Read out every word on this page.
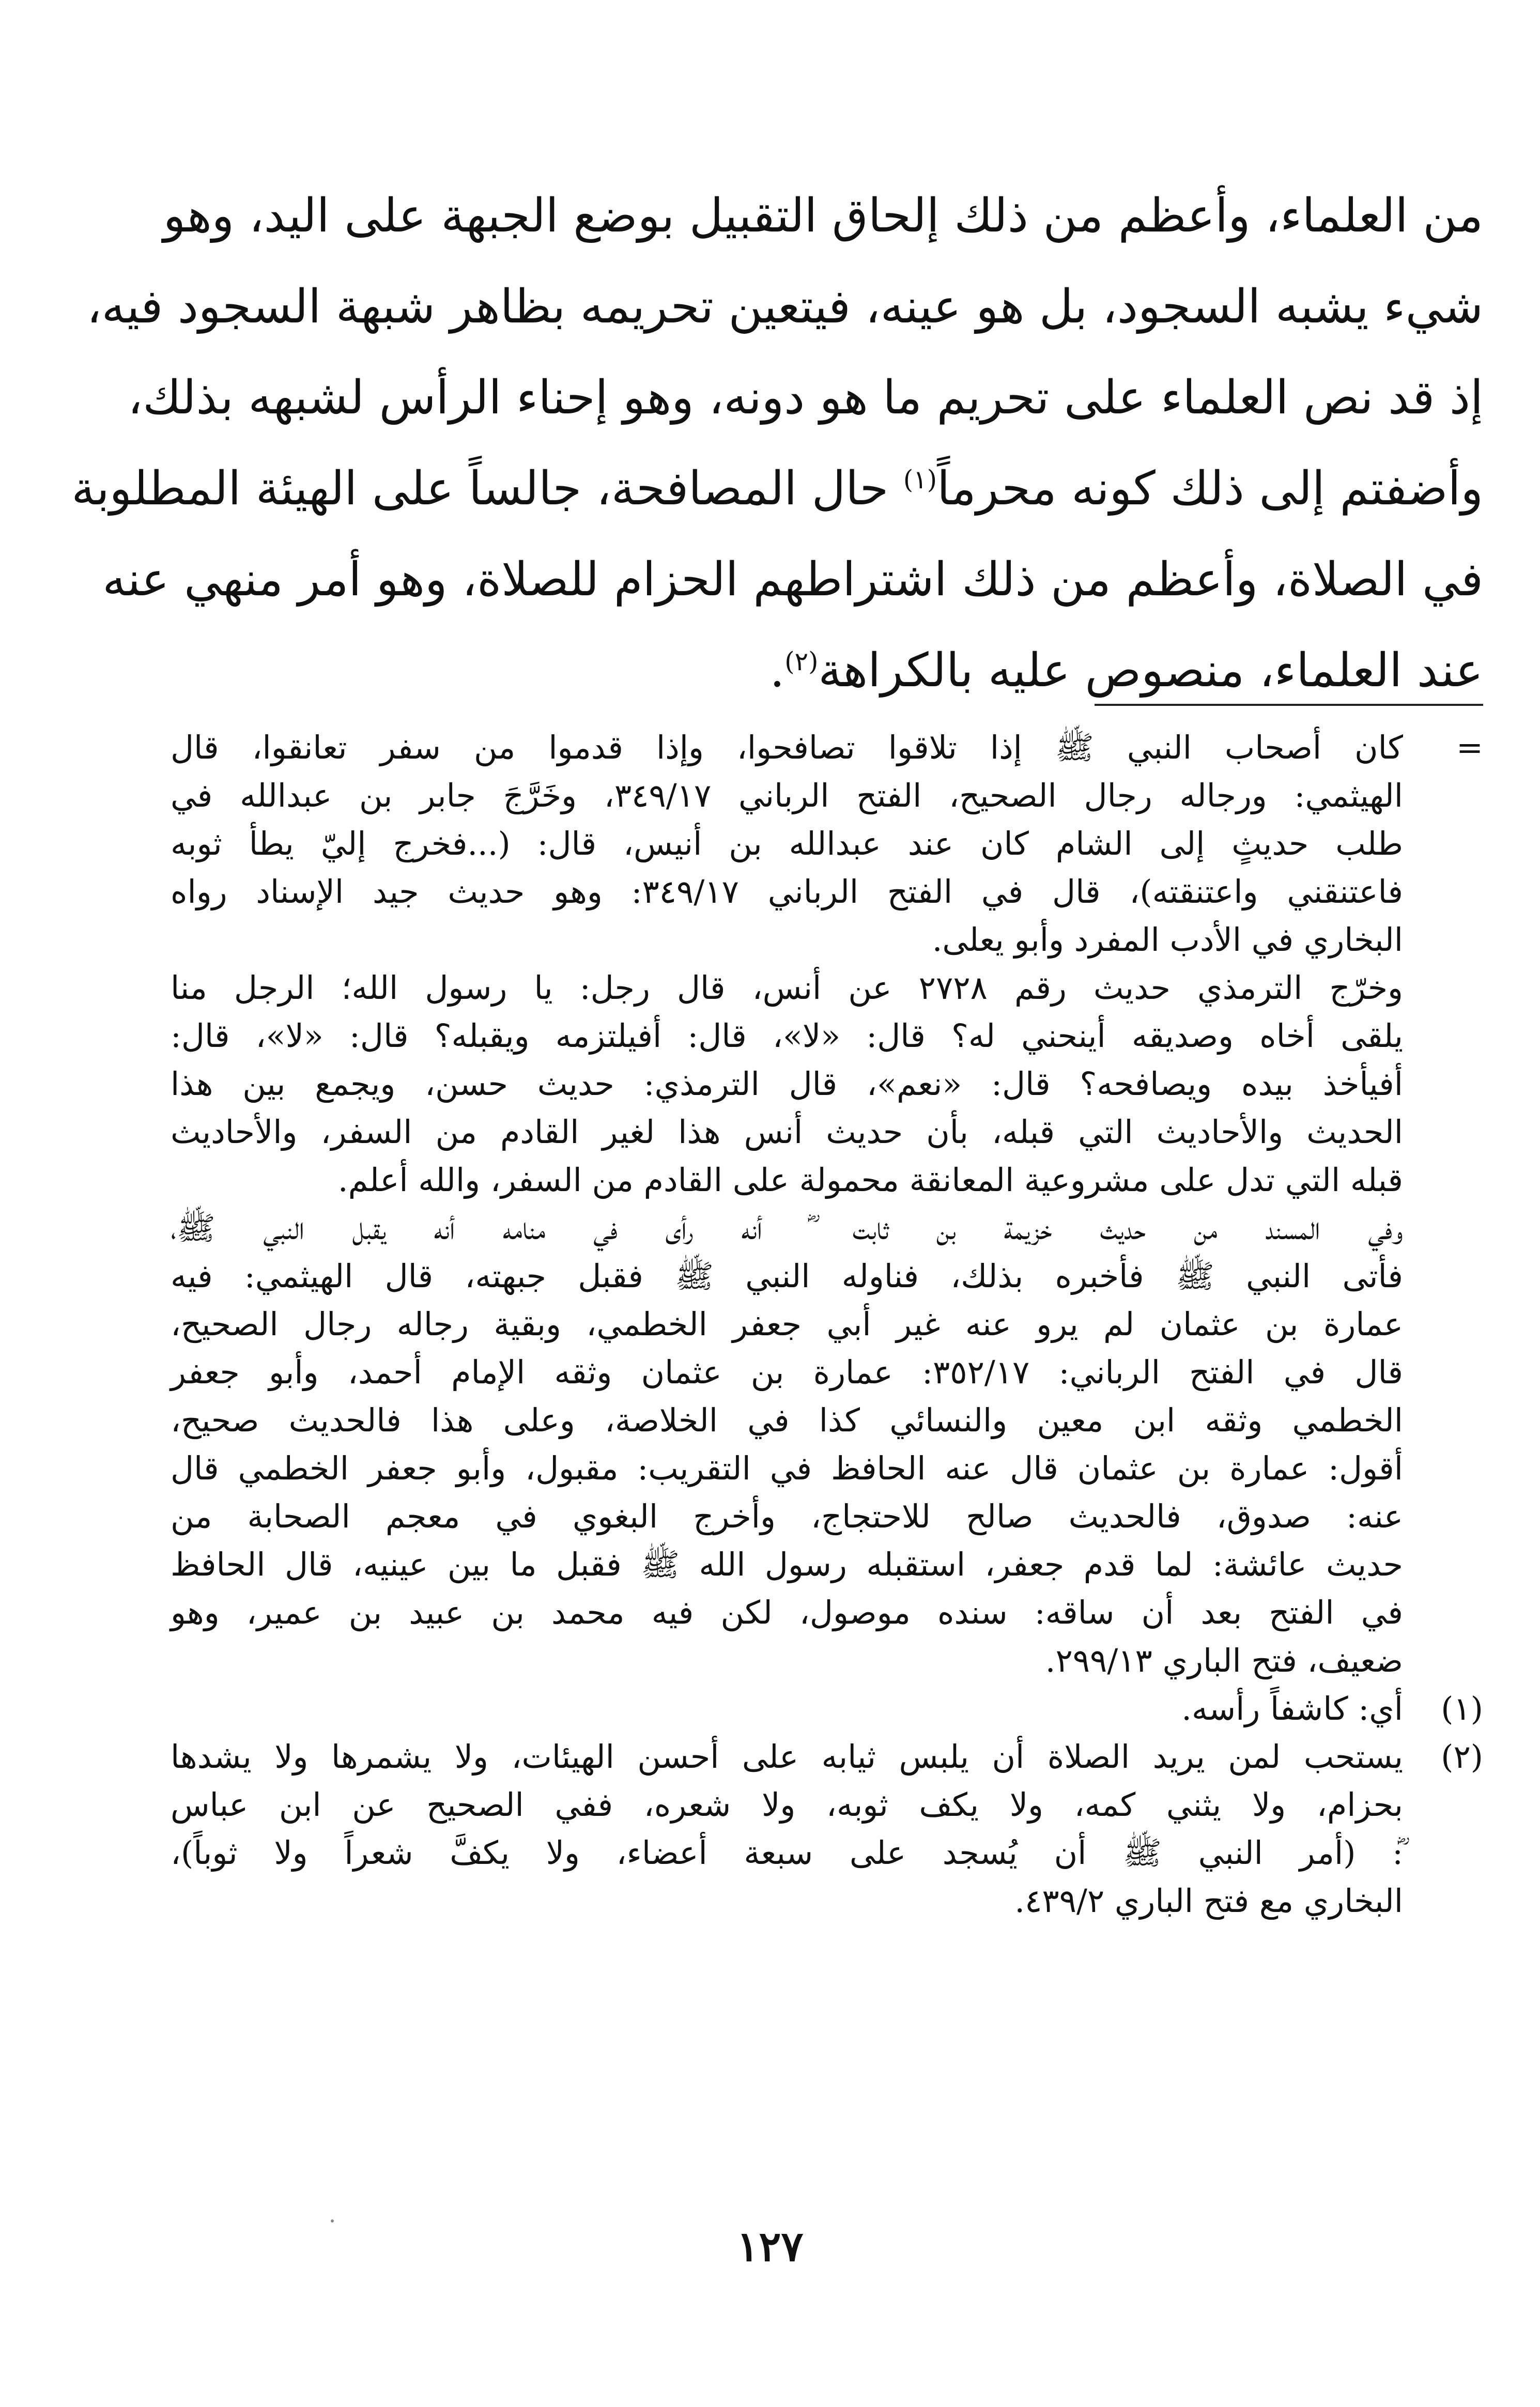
من العلماء، وأعظم من ذلك إلحاق التقبيل بوضع الجبهة على اليد، وهو
شيء يشبه السجود، بل هو عينه، فيتعين تحريمه بظاهر شبهة السجود فيه،
إذ قد نص العلماء على تحريم ما هو دونه، وهو إحناء الرأس لشبهه بذلك،
وأضفتم إلى ذلك كونه محرماً$^{(١)}$ حال المصافحة، جالساً على الهيئة المطلوبة
في الصلاة، وأعظم من ذلك اشتراطهم الحزام للصلاة، وهو أمر منهي عنه
عند العلماء، منصوص عليه بالكراهة$^{(٢)}$.
=
كان أصحاب النبي ﷺ إذا تلاقوا تصافحوا، وإذا قدموا من سفر تعانقوا، قال
الهيثمي: ورجاله رجال الصحيح، الفتح الرباني ٣٤٩/١٧، وخَرَّجَ جابر بن عبدالله في
طلب حديثٍ إلى الشام كان عند عبدالله بن أنيس، قال: (...فخرج إليّ يطأ ثوبه
فاعتنقني واعتنقته)، قال في الفتح الرباني ٣٤٩/١٧: وهو حديث جيد الإسناد رواه
البخاري في الأدب المفرد وأبو يعلى.
وخرّج الترمذي حديث رقم ٢٧٢٨ عن أنس، قال رجل: يا رسول الله؛ الرجل منا
يلقى أخاه وصديقه أينحني له؟ قال: «لا»، قال: أفيلتزمه ويقبله؟ قال: «لا»، قال:
أفيأخذ بيده ويصافحه؟ قال: «نعم»، قال الترمذي: حديث حسن، ويجمع بين هذا
الحديث والأحاديث التي قبله، بأن حديث أنس هذا لغير القادم من السفر، والأحاديث
قبله التي تدل على مشروعية المعانقة محمولة على القادم من السفر، والله أعلم.
وفي المسند من حديث خزيمة بن ثابت ؓ أنه رأى في منامه أنه يقبل النبي ﷺ،
فأتى النبي ﷺ فأخبره بذلك، فناوله النبي ﷺ فقبل جبهته، قال الهيثمي: فيه
عمارة بن عثمان لم يرو عنه غير أبي جعفر الخطمي، وبقية رجاله رجال الصحيح،
قال في الفتح الرباني: ٣٥٢/١٧: عمارة بن عثمان وثقه الإمام أحمد، وأبو جعفر
الخطمي وثقه ابن معين والنسائي كذا في الخلاصة، وعلى هذا فالحديث صحيح،
أقول: عمارة بن عثمان قال عنه الحافظ في التقريب: مقبول، وأبو جعفر الخطمي قال
عنه: صدوق، فالحديث صالح للاحتجاج، وأخرج البغوي في معجم الصحابة من
حديث عائشة: لما قدم جعفر، استقبله رسول الله ﷺ فقبل ما بين عينيه، قال الحافظ
في الفتح بعد أن ساقه: سنده موصول، لكن فيه محمد بن عبيد بن عمير، وهو
ضعيف، فتح الباري ٢٩٩/١٣.
(١)
أي: كاشفاً رأسه.
(٢)
يستحب لمن يريد الصلاة أن يلبس ثيابه على أحسن الهيئات، ولا يشمرها ولا يشدها
بحزام، ولا يثني كمه، ولا يكف ثوبه، ولا شعره، ففي الصحيح عن ابن عباس
ؓ: (أمر النبي ﷺ أن يُسجد على سبعة أعضاء، ولا يكفَّ شعراً ولا ثوباً)،
البخاري مع فتح الباري ٤٣٩/٢.
١٢٧
